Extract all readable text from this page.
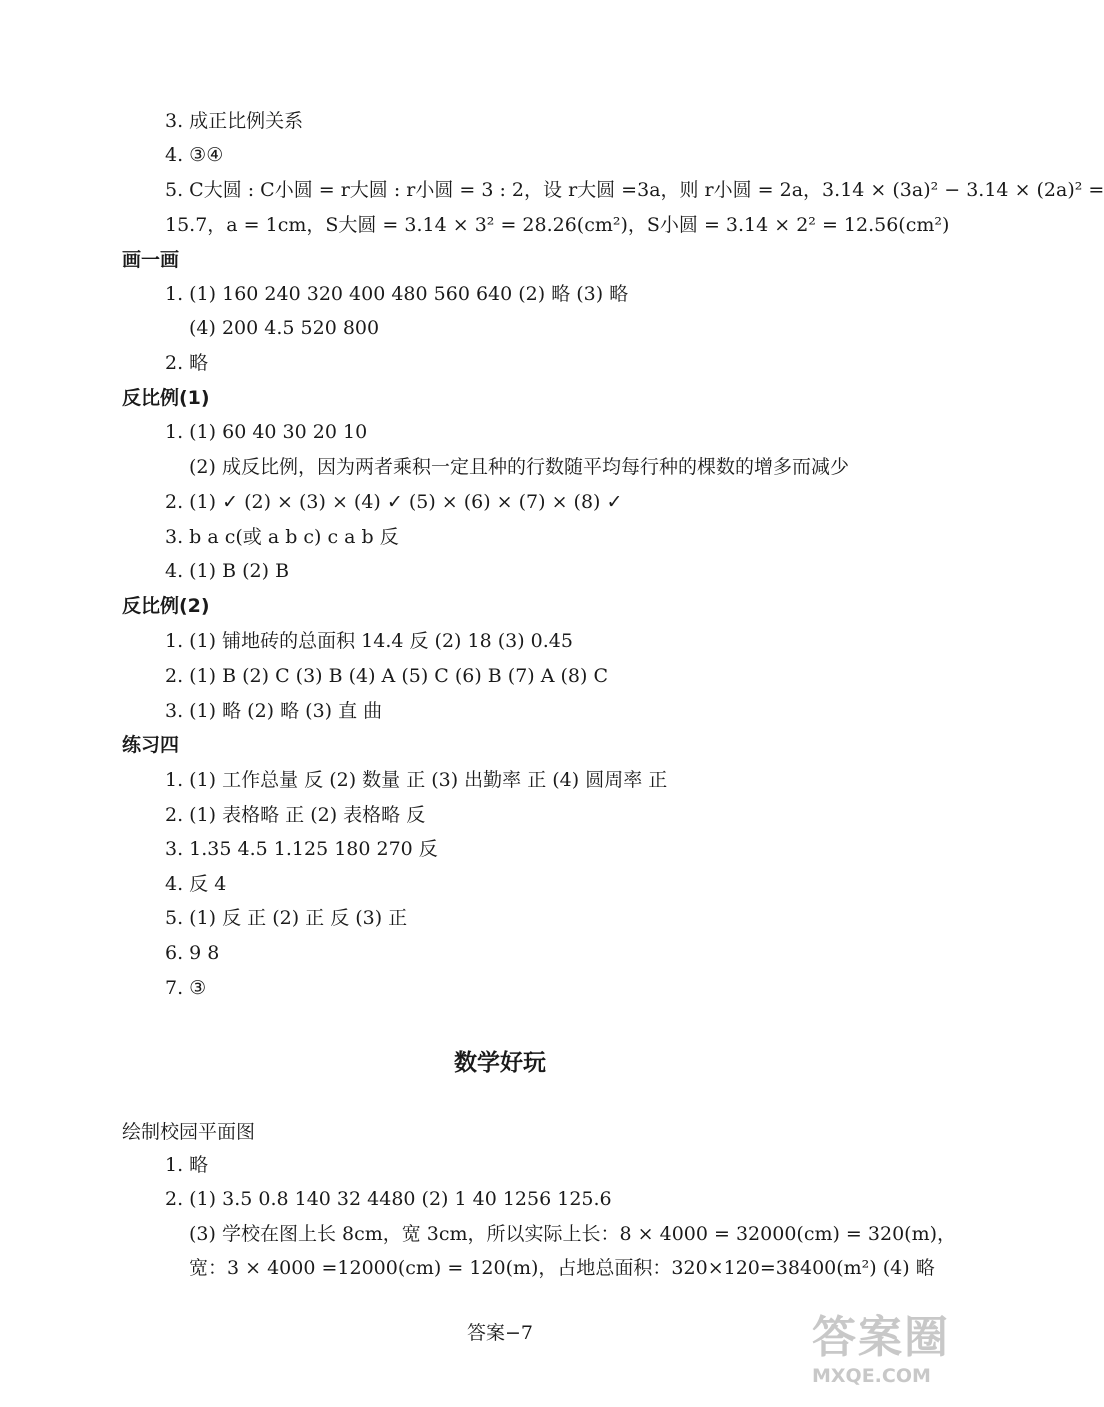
3. 成正比例关系
4. ③④
5. C大圆 : C小圆 = r大圆 : r小圆 = 3 : 2，设 r大圆 =3a，则 r小圆 = 2a，3.14 × (3a)² − 3.14 × (2a)² =
15.7，a = 1cm，S大圆 = 3.14 × 3² = 28.26(cm²)，S小圆 = 3.14 × 2² = 12.56(cm²)
画一画
1. (1) 160 240 320 400 480 560 640 (2) 略 (3) 略
(4) 200 4.5 520 800
2. 略
反比例(1)
1. (1) 60 40 30 20 10
(2) 成反比例，因为两者乘积一定且种的行数随平均每行种的棵数的增多而减少
2. (1) ✓ (2) × (3) × (4) ✓ (5) × (6) × (7) × (8) ✓
3. b a c(或 a b c) c a b 反
4. (1) B (2) B
反比例(2)
1. (1) 铺地砖的总面积 14.4 反 (2) 18 (3) 0.45
2. (1) B (2) C (3) B (4) A (5) C (6) B (7) A (8) C
3. (1) 略 (2) 略 (3) 直 曲
练习四
1. (1) 工作总量 反 (2) 数量 正 (3) 出勤率 正 (4) 圆周率 正
2. (1) 表格略 正 (2) 表格略 反
3. 1.35 4.5 1.125 180 270 反
4. 反 4
5. (1) 反 正 (2) 正 反 (3) 正
6. 9 8
7. ③
数学好玩
绘制校园平面图
1. 略
2. (1) 3.5 0.8 140 32 4480 (2) 1 40 1256 125.6
(3) 学校在图上长 8cm，宽 3cm，所以实际上长：8 × 4000 = 32000(cm) = 320(m)，
宽：3 × 4000 =12000(cm) = 120(m)，占地总面积：320×120=38400(m²) (4) 略
答案−7	答案圈
MXQE.COM
